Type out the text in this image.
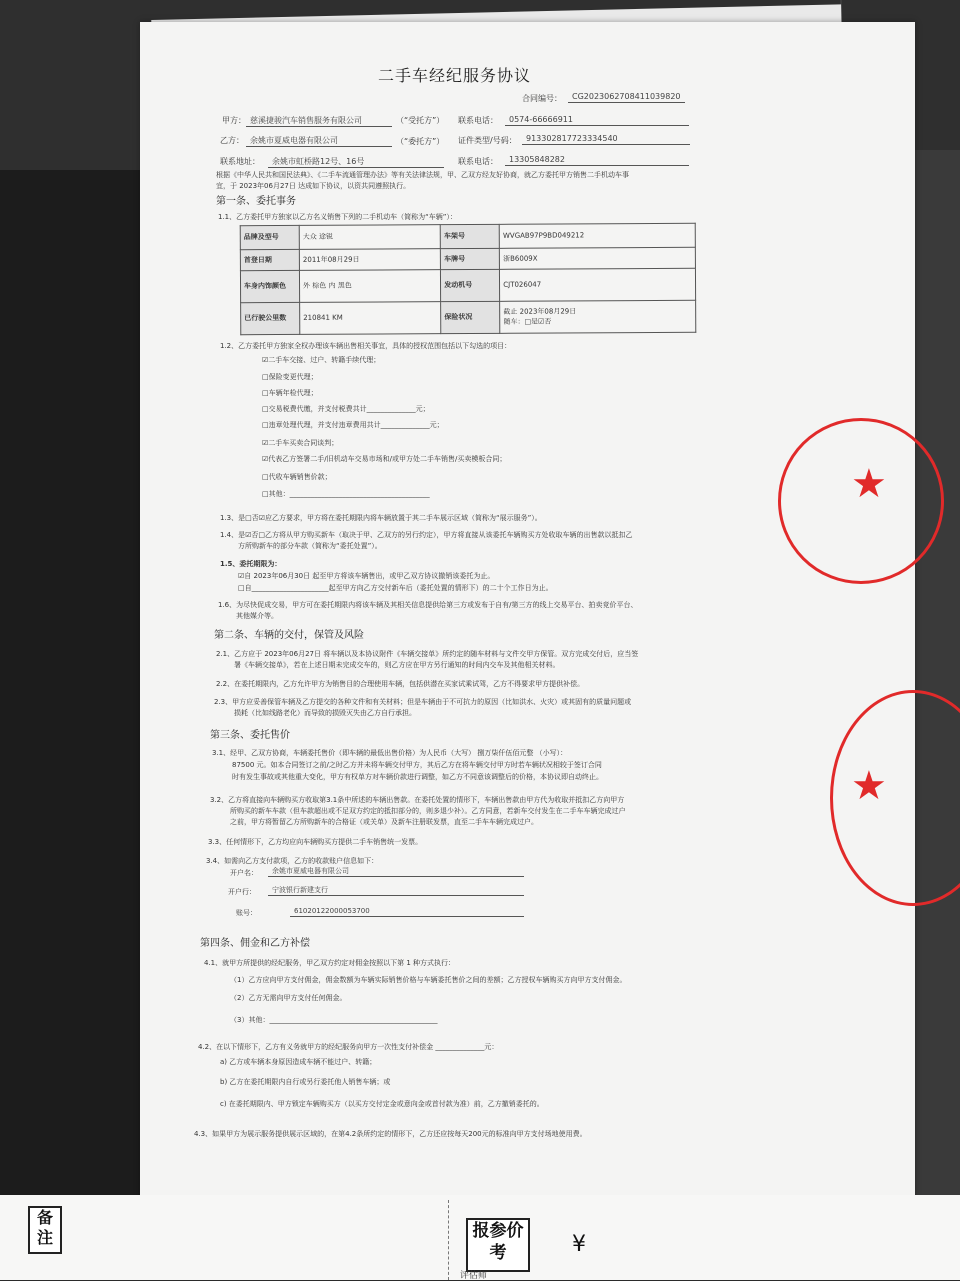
二手车经纪服务协议
合同编号：	CG2023062708411039820
甲方： 慈溪捷骏汽车销售服务有限公司	（“受托方”） 联系电话：	0574-66666911
乙方： 余姚市夏威电器有限公司	（“委托方”） 证件类型/号码：	913302817723334540
联系地址：	余姚市虹桥路12号、16号	联系电话：	13305848282
根据《中华人民共和国民法典》、《二手车流通管理办法》等有关法律法规，甲、乙双方经友好协商，就乙方委托甲方销售二手机动车事
宜，于 2023年06月27日 达成如下协议，以资共同遵照执行。
第一条、委托事务
1.1、乙方委托甲方独家以乙方名义销售下列的二手机动车（简称为“车辆”）：
品牌及型号	大众 途锐	车架号	WVGAB97P9BD049212
首登日期	2011年08月29日	车牌号	浙B6009X
车身内饰颜色	外 棕色 内 黑色	发动机号	CJT026047
已行驶公里数	210841 KM	保险状况	截止 2023年08月29日
随车：□是☑否
1.2、乙方委托甲方独家全权办理该车辆出售相关事宜，具体的授权范围包括以下勾选的项目：
☑二手车交接、过户、转籍手续代理；
□保险变更代理；
□车辆年检代理；
□交易税费代缴，并支付税费共计______________元；
□违章处理代理，并支付违章费用共计______________元；
☑二手车买卖合同谈判；
☑代表乙方签署二手/旧机动车交易市场和/或甲方处二手车销售/买卖模板合同；
□代收车辆销售价款；
□其他：________________________________________
1.3、是□否☑应乙方要求，甲方将在委托期限内将车辆放置于其二手车展示区域（简称为“展示服务”）。
1.4、是☑否□乙方将从甲方购买新车（取决于甲、乙双方的另行约定），甲方将直接从该委托车辆购买方处收取车辆的出售款以抵扣乙
方所购新车的部分车款（简称为“委托处置”）。
1.5、委托期限为：
☑自 2023年06月30日 起至甲方将该车辆售出，或甲乙双方协议撤销该委托为止。
□自______________________起至甲方向乙方交付新车后（委托处置的情形下）的二十个工作日为止。
1.6、为尽快促成交易，甲方可在委托期限内将该车辆及其相关信息提供给第三方或发布于自有/第三方的线上交易平台、拍卖竞价平台、
其他媒介等。
第二条、车辆的交付，保管及风险
2.1、乙方应于 2023年06月27日 将车辆以及本协议附件《车辆交接单》所约定的随车材料与文件交甲方保管。双方完成交付后，应当签
署《车辆交接单》，若在上述日期未完成交车的，则乙方应在甲方另行通知的时间内交车及其他相关材料。
2.2、在委托期限内，乙方允许甲方为销售目的合理使用车辆，包括供潜在买家试乘试驾，乙方不得要求甲方提供补偿。
2.3、甲方应妥善保管车辆及乙方提交的各种文件和有关材料；但是车辆由于不可抗力的原因（比如洪水、火灾）或其固有的质量问题或
损耗（比如线路老化）而导致的损毁灭失由乙方自行承担。
第三条、委托售价
3.1、经甲、乙双方协商，车辆委托售价（即车辆的最低出售价格）为人民币（大写） 捌万柒仟伍佰元整 （小写）：
87500 元。如本合同签订之前/之时乙方并未将车辆交付甲方，其后乙方在将车辆交付甲方时若车辆状况相较于签订合同
时有发生事故或其他重大变化，甲方有权单方对车辆价款进行调整，如乙方不同意该调整后的价格，本协议即自动终止。
3.2、乙方将直接向车辆购买方收取第3.1条中所述的车辆出售款。在委托处置的情形下，车辆出售款由甲方代为收取并抵扣乙方向甲方
所购买的新车车款（但车款超出或不足双方约定的抵扣部分的，则多退少补）。乙方同意，若新车交付发生在二手车车辆完成过户
之前，甲方将暂留乙方所购新车的合格证（或关单）及新车注册联发票，直至二手车车辆完成过户。
3.3、任何情形下，乙方均应向车辆购买方提供二手车销售统一发票。
3.4、如需向乙方支付款项，乙方的收款账户信息如下：
开户名：	余姚市夏威电器有限公司
开户行：	宁波银行新建支行
账号：	61020122000053700
第四条、佣金和乙方补偿
4.1、就甲方所提供的经纪服务，甲乙双方约定对佣金按照以下第 1 种方式执行：
（1）乙方应向甲方支付佣金，佣金数额为车辆实际销售价格与车辆委托售价之间的差额；乙方授权车辆购买方向甲方支付佣金。
（2）乙方无需向甲方支付任何佣金。
（3）其他：________________________________________________
4.2、在以下情形下，乙方有义务就甲方的经纪服务向甲方一次性支付补偿金 ______________元：
a) 乙方或车辆本身原因造成车辆不能过户、转籍；
b) 乙方在委托期限内自行或另行委托他人销售车辆；或
c) 在委托期限内、甲方锁定车辆购买方（以买方交付定金或意向金或首付款为准）前，乙方撤销委托的。
4.3、如果甲方为展示服务提供展示区域的，在第4.2条所约定的情形下，乙方还应按每天200元的标准向甲方支付场地使用费。
★
★
备注	报参价考	¥
评估师
